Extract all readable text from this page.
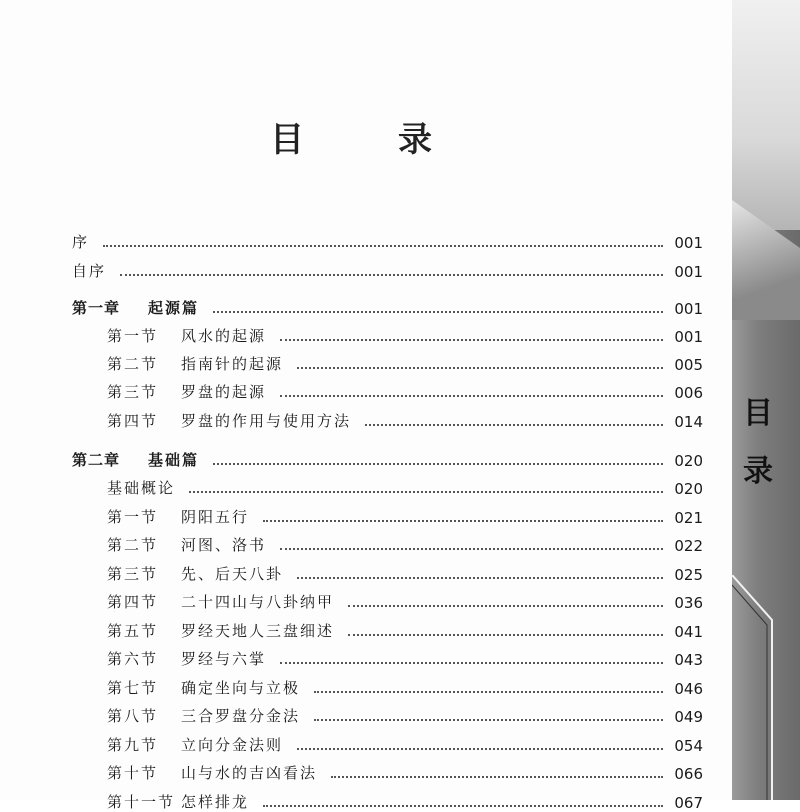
目　录
序	001
自序	001
第一章 起源篇	001
第一节 风水的起源	001
第二节 指南针的起源	005
第三节 罗盘的起源	006
第四节 罗盘的作用与使用方法	014
第二章 基础篇	020
基础概论	020
第一节 阴阳五行	021
第二节 河图、洛书	022
第三节 先、后天八卦	025
第四节 二十四山与八卦纳甲	036
第五节 罗经天地人三盘细述	041
第六节 罗经与六掌	043
第七节 确定坐向与立极	046
第八节 三合罗盘分金法	049
第九节 立向分金法则	054
第十节 山与水的吉凶看法	066
第十一节 怎样排龙	067
目
录
